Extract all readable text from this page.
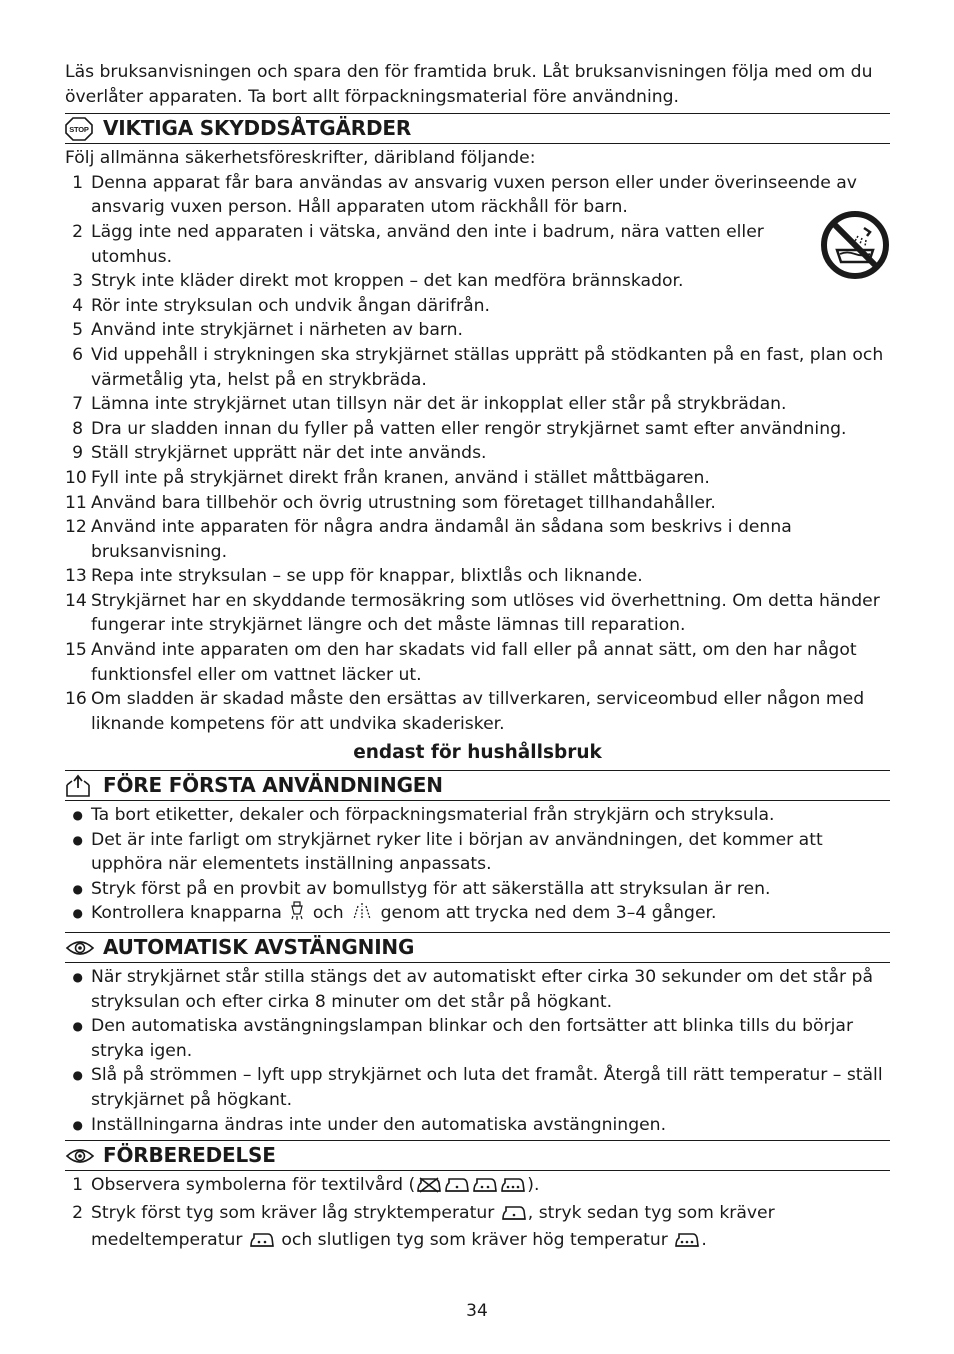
Läs bruksanvisningen och spara den för framtida bruk. Låt bruksanvisningen följa med om du överlåter apparaten. Ta bort allt förpackningsmaterial före användning.

STOP VIKTIGA SKYDDSÅTGÄRDER

Följ allmänna säkerhetsföreskrifter, däribland följande:

1 Denna apparat får bara användas av ansvarig vuxen person eller under överinseende av ansvarig vuxen person. Håll apparaten utom räckhåll för barn.
2 Lägg inte ned apparaten i vätska, använd den inte i badrum, nära vatten eller utomhus.
3 Stryk inte kläder direkt mot kroppen – det kan medföra brännskador.
4 Rör inte stryksulan och undvik ångan därifrån.
5 Använd inte strykjärnet i närheten av barn.
6 Vid uppehåll i strykningen ska strykjärnet ställas upprätt på stödkanten på en fast, plan och värmetålig yta, helst på en strykbräda.
7 Lämna inte strykjärnet utan tillsyn när det är inkopplat eller står på strykbrädan.
8 Dra ur sladden innan du fyller på vatten eller rengör strykjärnet samt efter användning.
9 Ställ strykjärnet upprätt när det inte används.
10 Fyll inte på strykjärnet direkt från kranen, använd i stället måttbägaren.
11 Använd bara tillbehör och övrig utrustning som företaget tillhandahåller.
12 Använd inte apparaten för några andra ändamål än sådana som beskrivs i denna bruksanvisning.
13 Repa inte stryksulan – se upp för knappar, blixtlås och liknande.
14 Strykjärnet har en skyddande termosäkring som utlöses vid överhettning. Om detta händer fungerar inte strykjärnet längre och det måste lämnas till reparation.
15 Använd inte apparaten om den har skadats vid fall eller på annat sätt, om den har något funktionsfel eller om vattnet läcker ut.
16 Om sladden är skadad måste den ersättas av tillverkaren, serviceombud eller någon med liknande kompetens för att undvika skaderisker.

endast för hushållsbruk

FÖRE FÖRSTA ANVÄNDNINGEN
● Ta bort etiketter, dekaler och förpackningsmaterial från strykjärn och stryksula.
● Det är inte farligt om strykjärnet ryker lite i början av användningen, det kommer att upphöra när elementets inställning anpassats.
● Stryk först på en provbit av bomullstyg för att säkerställa att stryksulan är ren.
● Kontrollera knapparna och genom att trycka ned dem 3–4 gånger.
AUTOMATISK AVSTÄNGNING
● När strykjärnet står stilla stängs det av automatiskt efter cirka 30 sekunder om det står på stryksulan och efter cirka 8 minuter om det står på högkant.
● Den automatiska avstängningslampan blinkar och den fortsätter att blinka tills du börjar stryka igen.
● Slå på strömmen – lyft upp strykjärnet och luta det framåt. Återgå till rätt temperatur – ställ strykjärnet på högkant.
● Inställningarna ändras inte under den automatiska avstängningen.
FÖRBEREDELSE
1 Observera symbolerna för textilvård (	).
2 Stryk först tyg som kräver låg stryktemperatur , stryk sedan tyg som kräver medeltemperatur och slutligen tyg som kräver hög temperatur .
34
